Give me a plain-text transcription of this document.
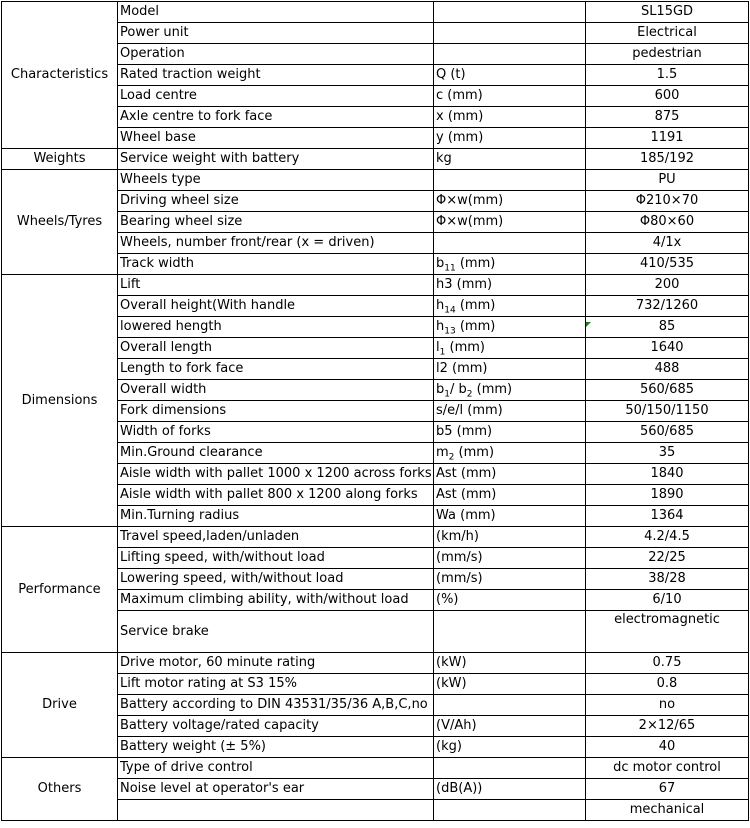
Characteristics	Model		SL15GD
	Power unit		Electrical
	Operation		pedestrian
	Rated traction weight	Q (t)	1.5
	Load centre	c (mm)	600
	Axle centre to fork face	x (mm)	875
	Wheel base	y (mm)	1191
Weights	Service weight with battery	kg	185/192
Wheels/Tyres	Wheels type		PU
	Driving wheel size	Φ×w(mm)	Φ210×70
	Bearing wheel size	Φ×w(mm)	Φ80×60
	Wheels, number front/rear (x = driven)		4/1x
	Track width	$b_{11}$ (mm)	410/535
Dimensions	Lift	h3 (mm)	200
	Overall height(With handle	$h_{14}$ (mm)	732/1260
	lowered hength	$h_{13}$ (mm)	85
	Overall length	$l_1$ (mm)	1640
	Length to fork face	l2 (mm)	488
	Overall width	$b_1/$ $b_2$ (mm)	560/685
	Fork dimensions	s/e/l (mm)	50/150/1150
	Width of forks	b5 (mm)	560/685
	Min.Ground clearance	$m_2$ (mm)	35
	Aisle width with pallet 1000 x 1200 across forks	Ast (mm)	1840
	Aisle width with pallet 800 x 1200 along forks	Ast (mm)	1890
	Min.Turning radius	Wa (mm)	1364
Performance	Travel speed,laden/unladen	(km/h)	4.2/4.5
	Lifting speed, with/without load	(mm/s)	22/25
	Lowering speed, with/without load	(mm/s)	38/28
	Maximum climbing ability, with/without load	(%)	6/10
	Service brake		electromagnetic
Drive	Drive motor, 60 minute rating	(kW)	0.75
	Lift motor rating at S3 15%	(kW)	0.8
	Battery according to DIN 43531/35/36 A,B,C,no		no
	Battery voltage/rated capacity	(V/Ah)	2×12/65
	Battery weight (± 5%)	(kg)	40
Others	Type of drive control		dc motor control
	Noise level at operator's ear	(dB(A))	67
			mechanical
